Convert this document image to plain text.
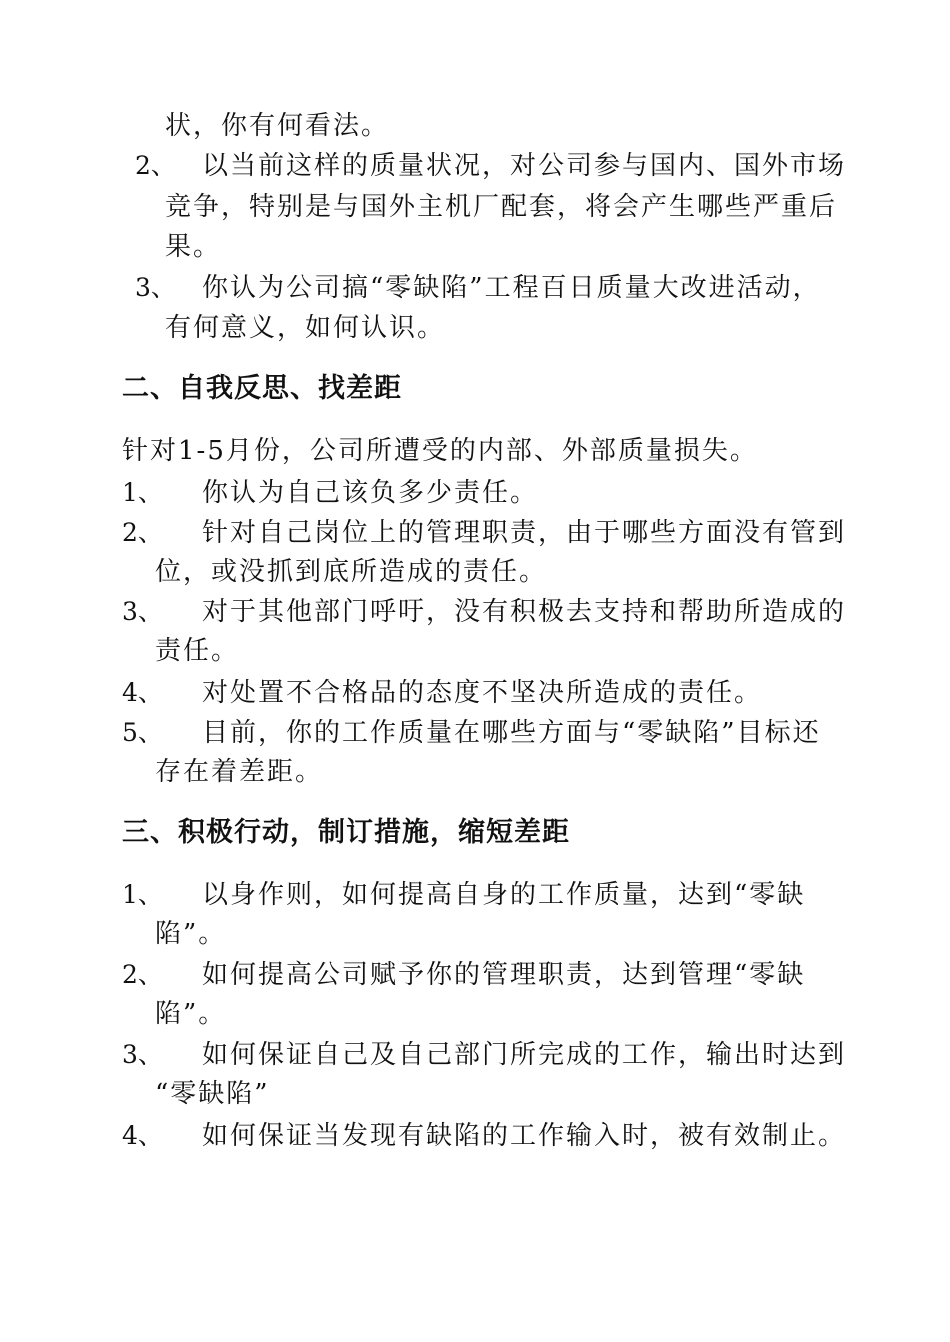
状，你有何看法。
2、 以当前这样的质量状况，对公司参与国内、国外市场
竞争，特别是与国外主机厂配套，将会产生哪些严重后
果。
3、 你认为公司搞“零缺陷”工程百日质量大改进活动，
有何意义，如何认识。
二、自我反思、找差距
针对1-5月份，公司所遭受的内部、外部质量损失。
1、 你认为自己该负多少责任。
2、 针对自己岗位上的管理职责，由于哪些方面没有管到
位，或没抓到底所造成的责任。
3、 对于其他部门呼吁，没有积极去支持和帮助所造成的
责任。
4、 对处置不合格品的态度不坚决所造成的责任。
5、 目前，你的工作质量在哪些方面与“零缺陷”目标还
存在着差距。
三、积极行动，制订措施，缩短差距
1、 以身作则，如何提高自身的工作质量，达到“零缺
陷”。
2、 如何提高公司赋予你的管理职责，达到管理“零缺
陷”。
3、 如何保证自己及自己部门所完成的工作，输出时达到
“零缺陷”
4、 如何保证当发现有缺陷的工作输入时，被有效制止。
